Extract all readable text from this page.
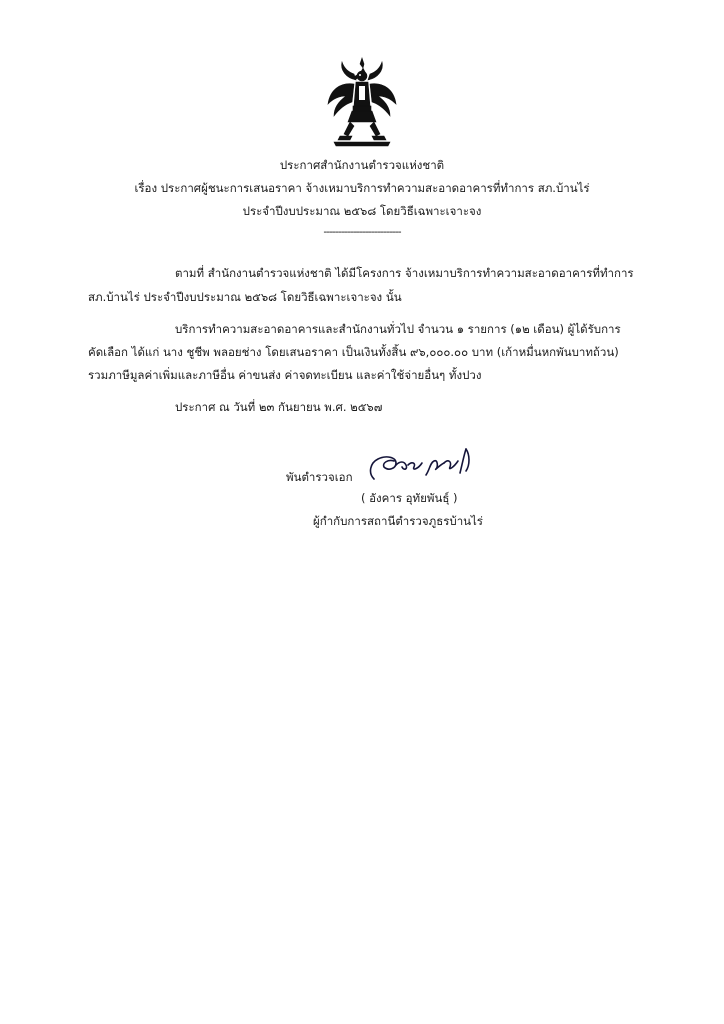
ประกาศสำนักงานตำรวจแห่งชาติ
เรื่อง ประกาศผู้ชนะการเสนอราคา จ้างเหมาบริการทำความสะอาดอาคารที่ทำการ สภ.บ้านไร่
ประจำปีงบประมาณ ๒๕๖๘ โดยวิธีเฉพาะเจาะจง
--------------------------
ตามที่ สำนักงานตำรวจแห่งชาติ ได้มีโครงการ จ้างเหมาบริการทำความสะอาดอาคารที่ทำการ
สภ.บ้านไร่ ประจำปีงบประมาณ ๒๕๖๘ โดยวิธีเฉพาะเจาะจง นั้น
บริการทำความสะอาดอาคารและสำนักงานทั่วไป จำนวน ๑ รายการ (๑๒ เดือน) ผู้ได้รับการ
คัดเลือก ได้แก่ นาง ชูชีพ พลอยช่าง โดยเสนอราคา เป็นเงินทั้งสิ้น ๙๖,๐๐๐.๐๐ บาท (เก้าหมื่นหกพันบาทถ้วน)
รวมภาษีมูลค่าเพิ่มและภาษีอื่น ค่าขนส่ง ค่าจดทะเบียน และค่าใช้จ่ายอื่นๆ ทั้งปวง
ประกาศ ณ วันที่ ๒๓ กันยายน พ.ศ. ๒๕๖๗
พันตำรวจเอก
( อังคาร อุทัยพันธุ์ )
ผู้กำกับการสถานีตำรวจภูธรบ้านไร่
